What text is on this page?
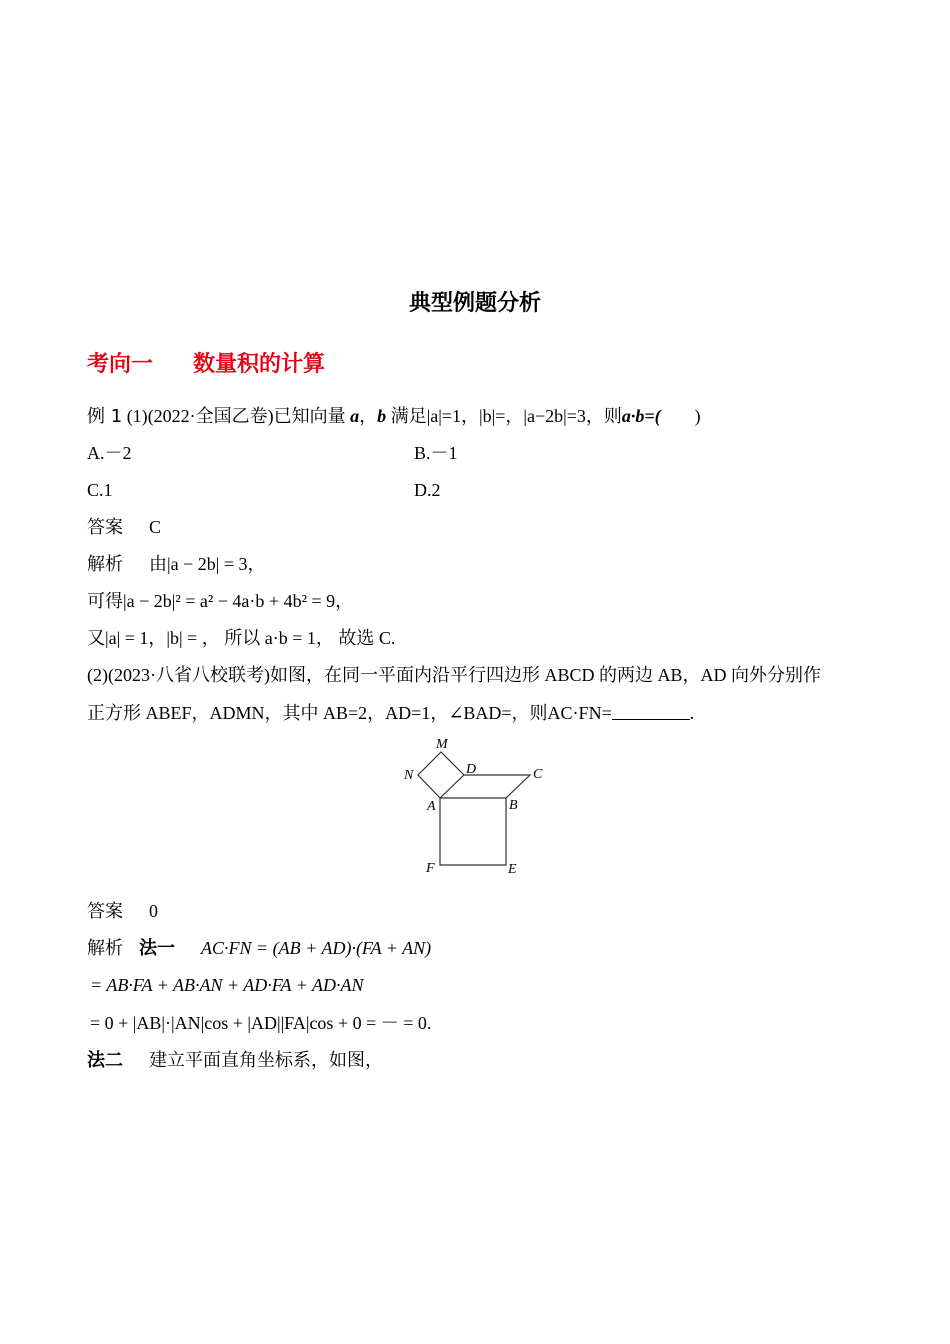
典型例题分析
考向一 数量积的计算
例 1 (1)(2022·全国乙卷)已知向量 a，b 满足|a|=1，|b|=，|a−2b|=3，则a·b=( )
A.－2	B.－1
C.1	D.2
答案 C
解析 由|a − 2b| = 3，
可得|a − 2b|² = a² − 4a·b + 4b² = 9，
又|a| = 1，|b| = ， 所以 a·b = 1， 故选 C.
(2)(2023·八省八校联考)如图，在同一平面内沿平行四边形 ABCD 的两边 AB，AD 向外分别作
正方形 ABEF，ADMN，其中 AB=2，AD=1，∠BAD=，则AC·FN=	.
M
N	D	C
A	B
F	E
答案 0
解析 法一 AC·FN = (AB + AD)·(FA + AN)
= AB·FA + AB·AN + AD·FA + AD·AN
= 0 + |AB|·|AN|cos + |AD||FA|cos + 0 = － = 0.
法二 建立平面直角坐标系，如图，
